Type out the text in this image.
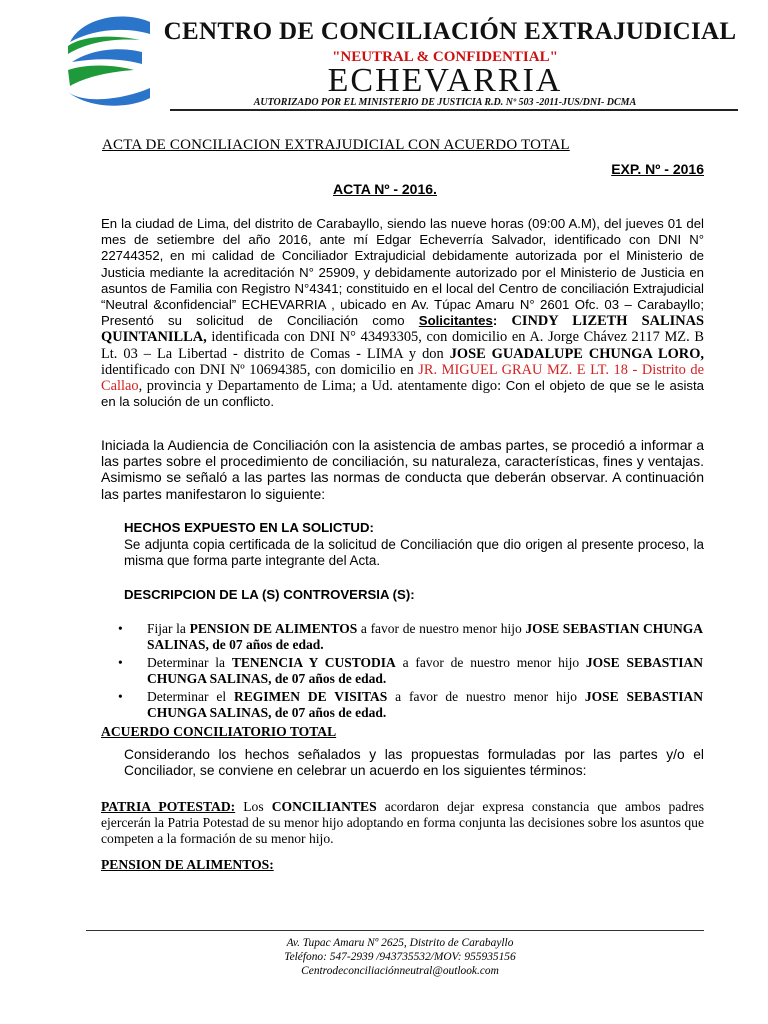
CENTRO DE CONCILIACIÓN EXTRAJUDICIAL
"NEUTRAL & CONFIDENTIAL"
ECHEVARRIA
AUTORIZADO POR EL MINISTERIO DE JUSTICIA R.D. Nº 503 -2011-JUS/DNI- DCMA
ACTA DE CONCILIACION EXTRAJUDICIAL CON ACUERDO TOTAL
EXP. Nº - 2016
ACTA Nº - 2016.
En la ciudad de Lima, del distrito de Carabayllo, siendo las nueve horas (09:00 A.M), del jueves 01 del mes de setiembre del año 2016, ante mí Edgar Echeverría Salvador, identificado con DNI N° 22744352, en mi calidad de Conciliador Extrajudicial debidamente autorizada por el Ministerio de Justicia mediante la acreditación N° 25909, y debidamente autorizado por el Ministerio de Justicia en asuntos de Familia con Registro N°4341; constituido en el local del Centro de conciliación Extrajudicial “Neutral &confidencial” ECHEVARRIA , ubicado en Av. Túpac Amaru N° 2601 Ofc. 03 – Carabayllo; Presentó su solicitud de Conciliación como Solicitantes: CINDY LIZETH SALINAS QUINTANILLA, identificada con DNI N° 43493305, con domicilio en A. Jorge Chávez 2117 MZ. B Lt. 03 – La Libertad - distrito de Comas - LIMA y don JOSE GUADALUPE CHUNGA LORO, identificado con DNI Nº 10694385, con domicilio en JR. MIGUEL GRAU MZ. E LT. 18 - Distrito de Callao, provincia y Departamento de Lima; a Ud. atentamente digo: Con el objeto de que se le asista en la solución de un conflicto.
Iniciada la Audiencia de Conciliación con la asistencia de ambas partes, se procedió a informar a las partes sobre el procedimiento de conciliación, su naturaleza, características, fines y ventajas. Asimismo se señaló a las partes las normas de conducta que deberán observar. A continuación las partes manifestaron lo siguiente:
HECHOS EXPUESTO EN LA SOLICTUD:
Se adjunta copia certificada de la solicitud de Conciliación que dio origen al presente proceso, la misma que forma parte integrante del Acta.
DESCRIPCION DE LA (S) CONTROVERSIA (S):
• Fijar la PENSION DE ALIMENTOS a favor de nuestro menor hijo JOSE SEBASTIAN CHUNGA SALINAS, de 07 años de edad.
• Determinar la TENENCIA Y CUSTODIA a favor de nuestro menor hijo JOSE SEBASTIAN CHUNGA SALINAS, de 07 años de edad.
• Determinar el REGIMEN DE VISITAS a favor de nuestro menor hijo JOSE SEBASTIAN CHUNGA SALINAS, de 07 años de edad.
ACUERDO CONCILIATORIO TOTAL
Considerando los hechos señalados y las propuestas formuladas por las partes y/o el Conciliador, se conviene en celebrar un acuerdo en los siguientes términos:
PATRIA POTESTAD: Los CONCILIANTES acordaron dejar expresa constancia que ambos padres ejercerán la Patria Potestad de su menor hijo adoptando en forma conjunta las decisiones sobre los asuntos que competen a la formación de su menor hijo.
PENSION DE ALIMENTOS:
Av. Tupac Amaru Nº 2625, Distrito de Carabayllo
Teléfono: 547-2939 /943735532/MOV: 955935156
Centrodeconciliaciónneutral@outlook.com
